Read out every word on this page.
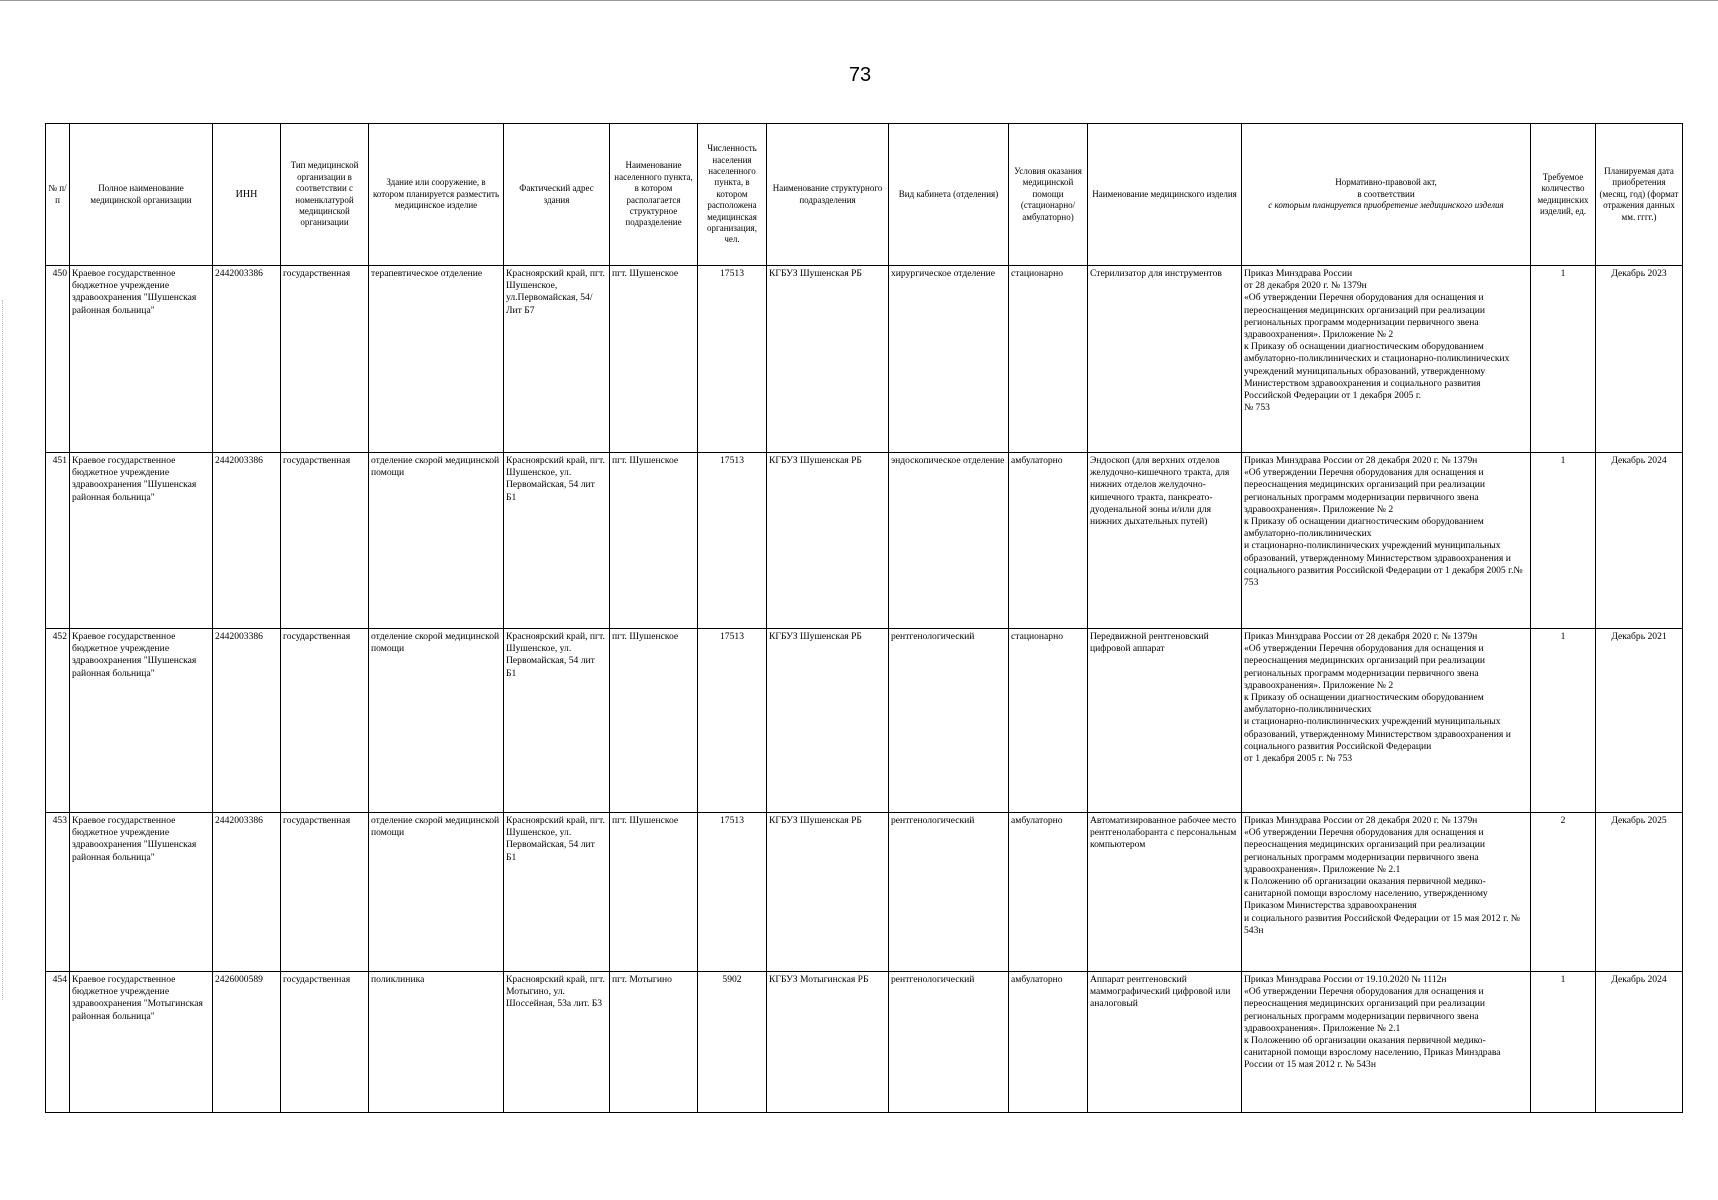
73
№ п/п	Полное наименование медицинской организации	ИНН	Тип медицинской организации в соответствии с номенклатурой медицинской организации	Здание или сооружение, в котором планируется разместить медицинское изделие	Фактический адрес здания	Наименование населенного пункта, в котором располагается структурное подразделение	Численность населения населенного пункта, в котором расположена медицинская организация, чел.	Наименование структурного подразделения	Вид кабинета (отделения)	Условия оказания медицинской помощи (стационарно/ амбулаторно)	Наименование медицинского изделия	Нормативно-правовой акт,
в соответствии
с которым планируется приобретение медицинского изделия	Требуемое количество медицинских изделий, ед.	Планируемая дата приобретения (месяц, год) (формат отражения данных мм. гггг.)
450	Краевое государственное бюджетное учреждение здравоохранения "Шушенская районная больница"	2442003386	государственная	терапевтическое отделение	Красноярский край, пгт. Шушенское, ул.Первомайская, 54/Лит Б7	пгт. Шушенское	17513	КГБУЗ Шушенская РБ	хирургическое отделение	стационарно	Стерилизатор для инструментов	Приказ Минздрава России
от 28 декабря 2020 г. № 1379н
«Об утверждении Перечня оборудования для оснащения и переоснащения медицинских организаций при реализации региональных программ модернизации первичного звена здравоохранения». Приложение № 2
к Приказу об оснащении диагностическим оборудованием амбулаторно-поликлинических и стационарно-поликлинических учреждений муниципальных образований, утвержденному Министерством здравоохранения и социального развития Российской Федерации от 1 декабря 2005 г.
№ 753	1	Декабрь 2023
451	Краевое государственное бюджетное учреждение здравоохранения "Шушенская районная больница"	2442003386	государственная	отделение скорой медицинской помощи	Красноярский край, пгт. Шушенское, ул. Первомайская, 54 лит Б1	пгт. Шушенское	17513	КГБУЗ Шушенская РБ	эндоскопическое отделение	амбулаторно	Эндоскоп (для верхних отделов желудочно-кишечного тракта, для нижних отделов желудочно-кишечного тракта, панкреато-дуоденальной зоны и/или для нижних дыхательных путей)	Приказ Минздрава России от 28 декабря 2020 г. № 1379н
«Об утверждении Перечня оборудования для оснащения и переоснащения медицинских организаций при реализации региональных программ модернизации первичного звена здравоохранения». Приложение № 2
к Приказу об оснащении диагностическим оборудованием амбулаторно-поликлинических
и стационарно-поликлинических учреждений муниципальных образований, утвержденному Министерством здравоохранения и социального развития Российской Федерации от 1 декабря 2005 г.№ 753	1	Декабрь 2024
452	Краевое государственное бюджетное учреждение здравоохранения "Шушенская районная больница"	2442003386	государственная	отделение скорой медицинской помощи	Красноярский край, пгт. Шушенское, ул. Первомайская, 54 лит Б1	пгт. Шушенское	17513	КГБУЗ Шушенская РБ	рентгенологический	стационарно	Передвижной рентгеновский цифровой аппарат	Приказ Минздрава России от 28 декабря 2020 г. № 1379н
«Об утверждении Перечня оборудования для оснащения и переоснащения медицинских организаций при реализации региональных программ модернизации первичного звена здравоохранения». Приложение № 2
к Приказу об оснащении диагностическим оборудованием амбулаторно-поликлинических
и стационарно-поликлинических учреждений муниципальных образований, утвержденному Министерством здравоохранения и социального развития Российской Федерации
от 1 декабря 2005 г. № 753	1	Декабрь 2021
453	Краевое государственное бюджетное учреждение здравоохранения "Шушенская районная больница"	2442003386	государственная	отделение скорой медицинской помощи	Красноярский край, пгт. Шушенское, ул. Первомайская, 54 лит Б1	пгт. Шушенское	17513	КГБУЗ Шушенская РБ	рентгенологический	амбулаторно	Автоматизированное рабочее место рентгенолаборанта с персональным компьютером	Приказ Минздрава России от 28 декабря 2020 г. № 1379н
«Об утверждении Перечня оборудования для оснащения и переоснащения медицинских организаций при реализации региональных программ модернизации первичного звена здравоохранения». Приложение № 2.1
к Положению об организации оказания первичной медико-санитарной помощи взрослому населению, утвержденному Приказом Министерства здравоохранения
и социального развития Российской Федерации от 15 мая 2012 г. № 543н	2	Декабрь 2025
454	Краевое государственное бюджетное учреждение здравоохранения "Мотыгинская районная больница"	2426000589	государственная	поликлиника	Красноярский край, пгт. Мотыгино, ул. Шоссейная, 53а лит. Б3	пгт. Мотыгино	5902	КГБУЗ Мотыгинская РБ	рентгенологический	амбулаторно	Аппарат рентгеновский маммографический цифровой или аналоговый	Приказ Минздрава России от 19.10.2020 № 1112н
«Об утверждении Перечня оборудования для оснащения и переоснащения медицинских организаций при реализации региональных программ модернизации первичного звена здравоохранения». Приложение № 2.1
к Положению об организации оказания первичной медико-санитарной помощи взрослому населению, Приказ Минздрава России от 15 мая 2012 г. № 543н	1	Декабрь 2024
